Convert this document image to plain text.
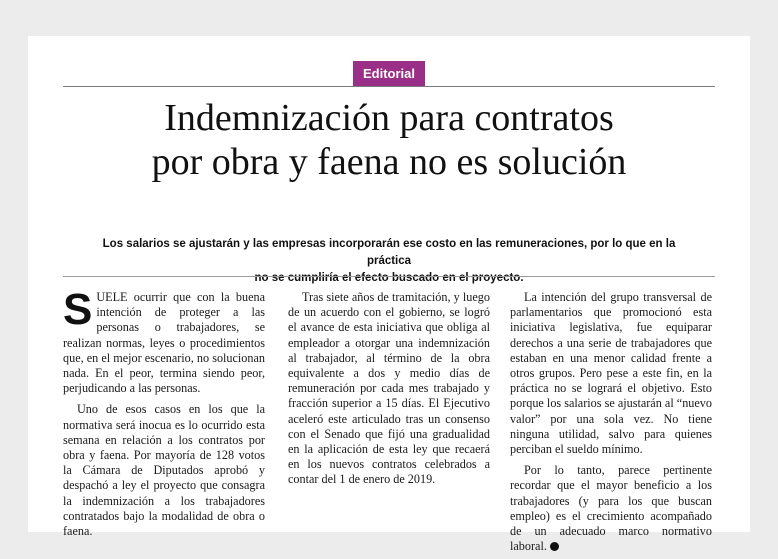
Editorial
Indemnización para contratos
por obra y faena no es solución
Los salarios se ajustarán y las empresas incorporarán ese costo en las remuneraciones, por lo que en la práctica
no se cumpliría el efecto buscado en el proyecto.

SUELE ocurrir que con la buena intención de proteger a las personas o trabajadores, se realizan normas, leyes o procedimientos que, en el mejor escenario, no solucionan nada. En el peor, termina siendo peor, perjudicando a las personas.

Uno de esos casos en los que la normativa será inocua es lo ocurrido esta semana en relación a los contratos por obra y faena. Por mayoría de 128 votos la Cámara de Diputados aprobó y despachó a ley el proyecto que consagra la indemnización a los trabajadores contratados bajo la modalidad de obra o faena.

Tras siete años de tramitación, y luego de un acuerdo con el gobierno, se logró el avance de esta iniciativa que obliga al empleador a otorgar una indemnización al trabajador, al término de la obra equivalente a dos y medio días de remuneración por cada mes trabajado y fracción superior a 15 días. El Ejecutivo aceleró este articulado tras un consenso con el Senado que fijó una gradualidad en la aplicación de esta ley que recaerá en los nuevos contratos celebrados a contar del 1 de enero de 2019.

La intención del grupo transversal de parlamentarios que promocionó esta iniciativa legislativa, fue equiparar derechos a una serie de trabajadores que estaban en una menor calidad frente a otros grupos. Pero pese a este fin, en la práctica no se logrará el objetivo. Esto porque los salarios se ajustarán al “nuevo valor” por una sola vez. No tiene ninguna utilidad, salvo para quienes perciban el sueldo mínimo.

Por lo tanto, parece pertinente recordar que el mayor beneficio a los trabajadores (y para los que buscan empleo) es el crecimiento acompañado de un adecuado marco normativo laboral.
